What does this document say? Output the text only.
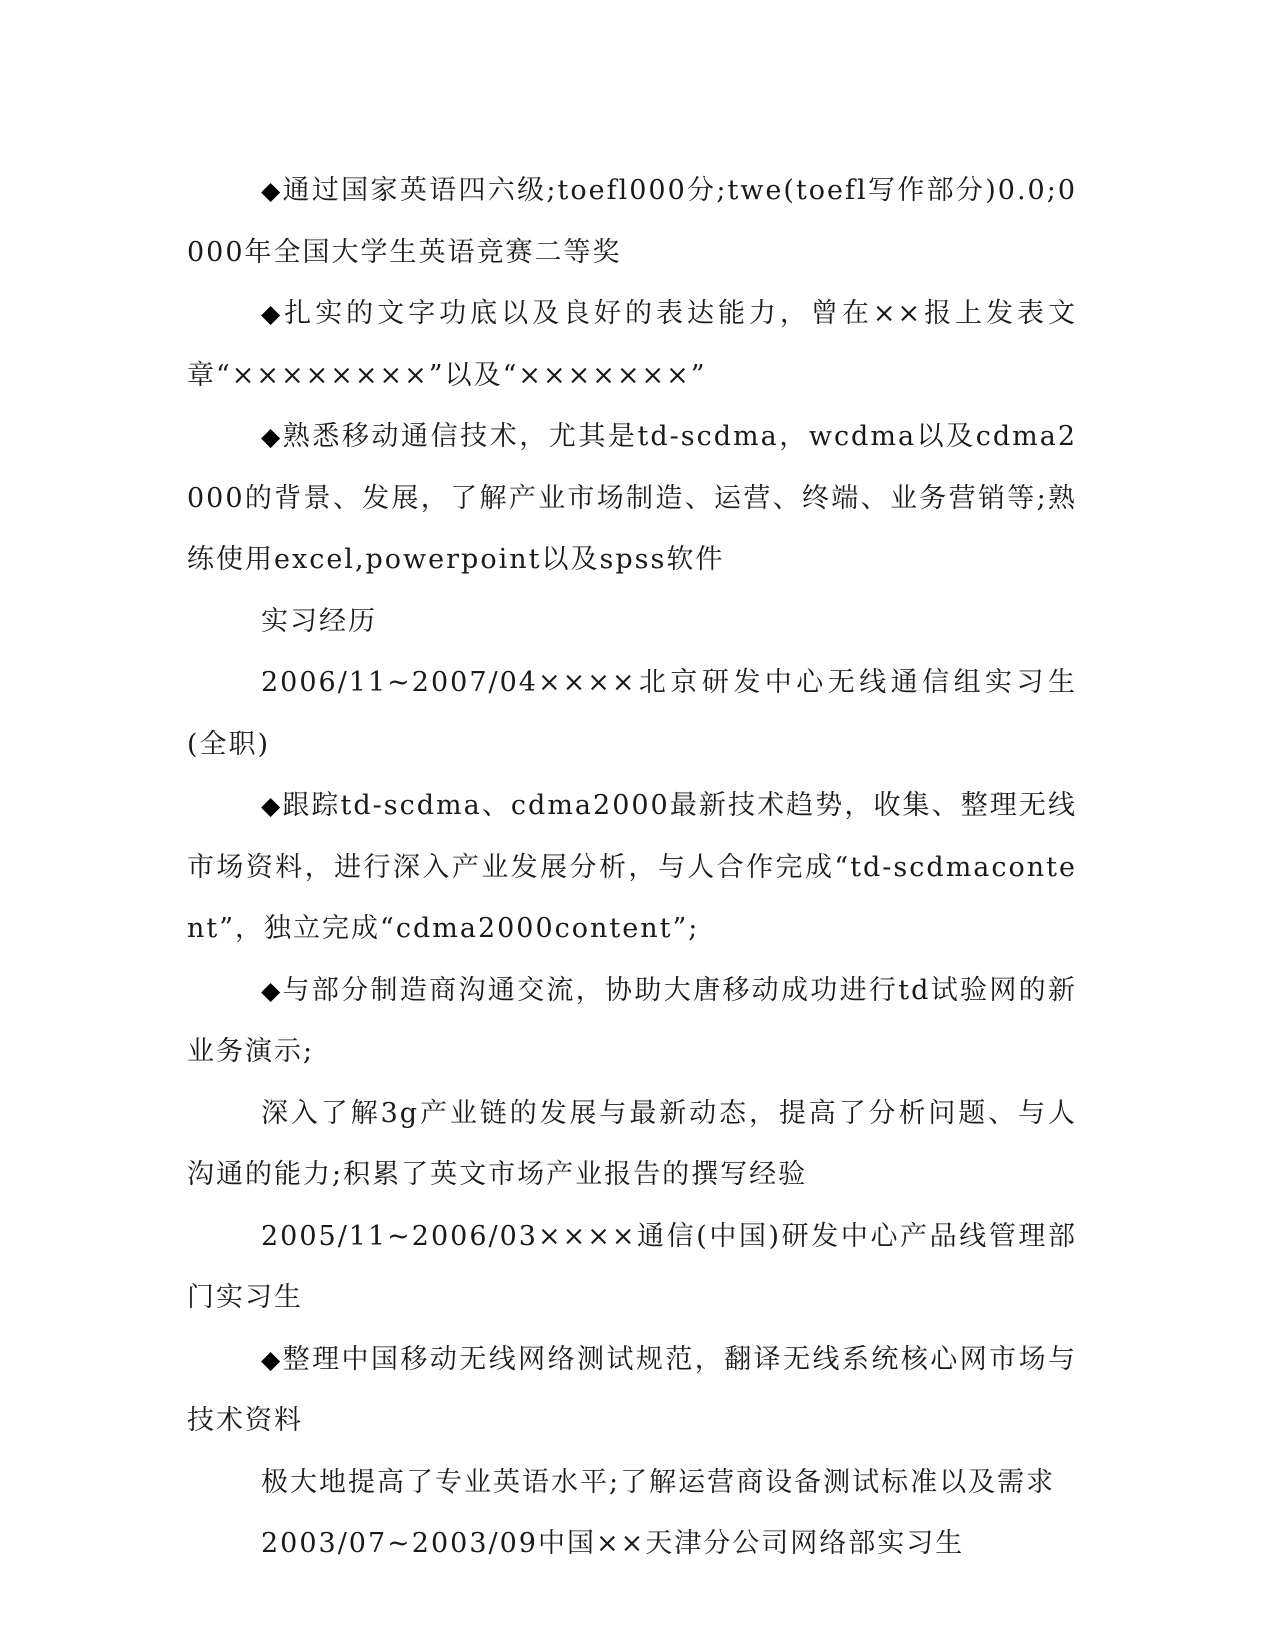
◆通过国家英语四六级;toefl000分;twe(toefl写作部分)0.0;0000年全国大学生英语竞赛二等奖

◆扎实的文字功底以及良好的表达能力，曾在××报上发表文章“××××××××”以及“×××××××”

◆熟悉移动通信技术，尤其是td-scdma，wcdma以及cdma2000的背景、发展，了解产业市场制造、运营、终端、业务营销等;熟练使用excel,powerpoint以及spss软件

实习经历

2006/11~2007/04××××北京研发中心无线通信组实习生(全职)

◆跟踪td-scdma、cdma2000最新技术趋势，收集、整理无线市场资料，进行深入产业发展分析，与人合作完成“td-scdmacontent”，独立完成“cdma2000content”;

◆与部分制造商沟通交流，协助大唐移动成功进行td试验网的新业务演示;

深入了解3g产业链的发展与最新动态，提高了分析问题、与人沟通的能力;积累了英文市场产业报告的撰写经验

2005/11~2006/03××××通信(中国)研发中心产品线管理部门实习生

◆整理中国移动无线网络测试规范，翻译无线系统核心网市场与技术资料

极大地提高了专业英语水平;了解运营商设备测试标准以及需求

2003/07~2003/09中国××天津分公司网络部实习生
